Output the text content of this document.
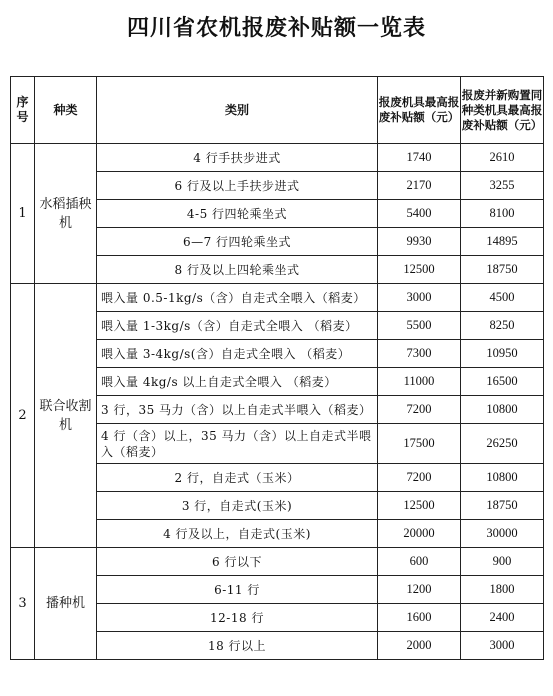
四川省农机报废补贴额一览表
序号	种类	类别	报废机具最高报废补贴额（元）	报废并新购置同种类机具最高报废补贴额（元）
1	水稻插秧机	4 行手扶步进式	1740	2610
		6 行及以上手扶步进式	2170	3255
		4-5 行四轮乘坐式	5400	8100
		6—7 行四轮乘坐式	9930	14895
		8 行及以上四轮乘坐式	12500	18750
2	联合收割机	喂入量 0.5-1kg/s（含）自走式全喂入（稻麦）	3000	4500
		喂入量 1-3kg/s（含）自走式全喂入 （稻麦）	5500	8250
		喂入量 3-4kg/s(含）自走式全喂入 （稻麦）	7300	10950
		喂入量 4kg/s 以上自走式全喂入 （稻麦）	11000	16500
		3 行，35 马力（含）以上自走式半喂入（稻麦）	7200	10800
		4 行（含）以上，35 马力（含）以上自走式半喂入（稻麦）	17500	26250
		2 行，自走式（玉米）	7200	10800
		3 行，自走式(玉米)	12500	18750
		4 行及以上，自走式(玉米)	20000	30000
3	播种机	6 行以下	600	900
		6-11 行	1200	1800
		12-18 行	1600	2400
		18 行以上	2000	3000
